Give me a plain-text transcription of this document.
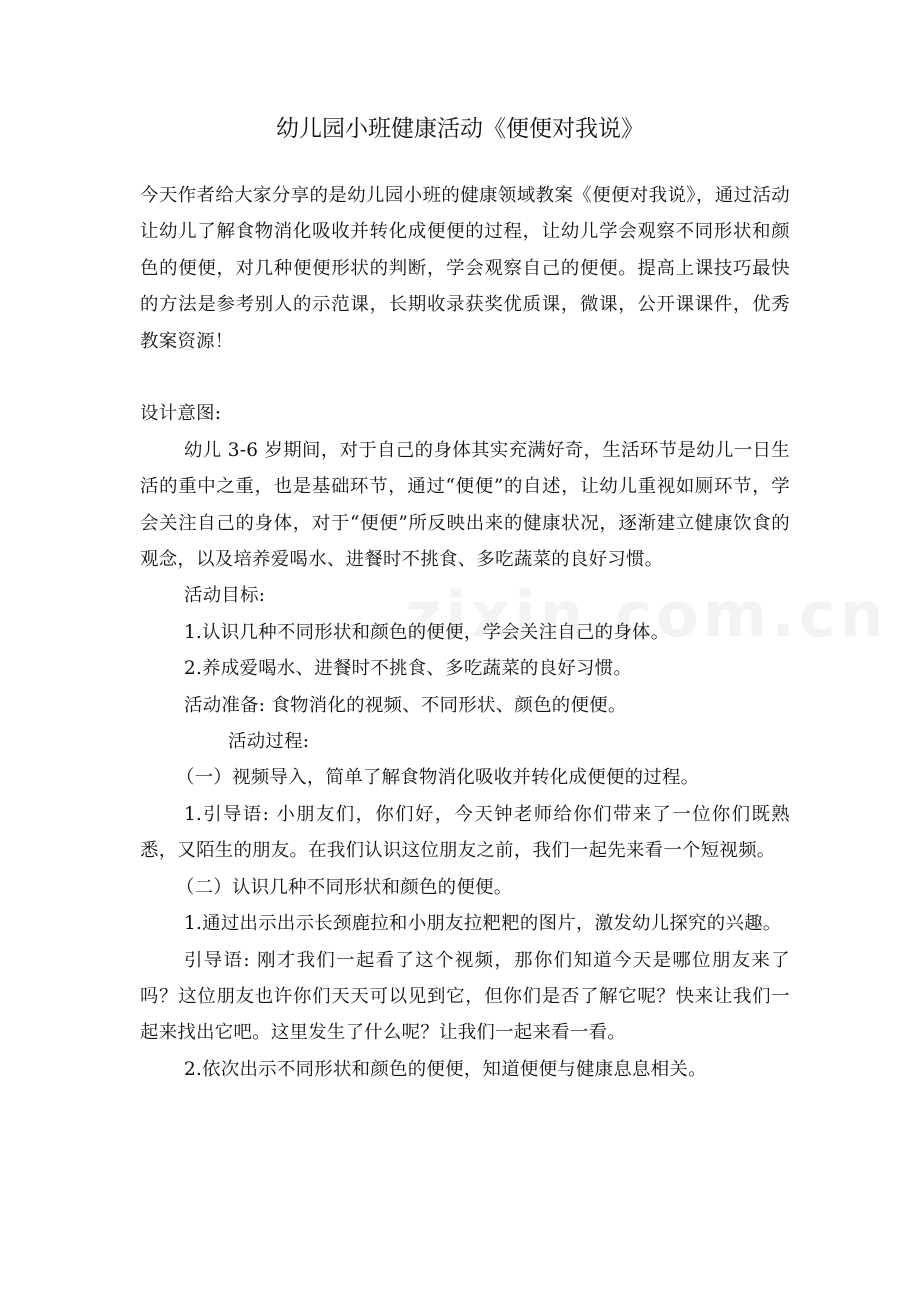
幼儿园小班健康活动《便便对我说》

今天作者给大家分享的是幼儿园小班的健康领域教案《便便对我说》，通过活动让幼儿了解食物消化吸收并转化成便便的过程，让幼儿学会观察不同形状和颜色的便便，对几种便便形状的判断，学会观察自己的便便。提高上课技巧最快的方法是参考别人的示范课，长期收录获奖优质课，微课，公开课课件，优秀教案资源！

设计意图:

幼儿 3-6 岁期间，对于自己的身体其实充满好奇，生活环节是幼儿一日生活的重中之重，也是基础环节，通过“便便”的自述，让幼儿重视如厕环节，学会关注自己的身体，对于“便便”所反映出来的健康状况，逐渐建立健康饮食的观念，以及培养爱喝水、进餐时不挑食、多吃蔬菜的良好习惯。

活动目标:

1.认识几种不同形状和颜色的便便，学会关注自己的身体。

2.养成爱喝水、进餐时不挑食、多吃蔬菜的良好习惯。

活动准备: 食物消化的视频、不同形状、颜色的便便。

活动过程:

（一）视频导入，简单了解食物消化吸收并转化成便便的过程。

1.引导语: 小朋友们，你们好，今天钟老师给你们带来了一位你们既熟悉，又陌生的朋友。在我们认识这位朋友之前，我们一起先来看一个短视频。

（二）认识几种不同形状和颜色的便便。

1.通过出示出示长颈鹿拉和小朋友拉粑粑的图片，激发幼儿探究的兴趣。

引导语: 刚才我们一起看了这个视频，那你们知道今天是哪位朋友来了吗？这位朋友也许你们天天可以见到它，但你们是否了解它呢？快来让我们一起来找出它吧。这里发生了什么呢？让我们一起来看一看。

2.依次出示不同形状和颜色的便便，知道便便与健康息息相关。
